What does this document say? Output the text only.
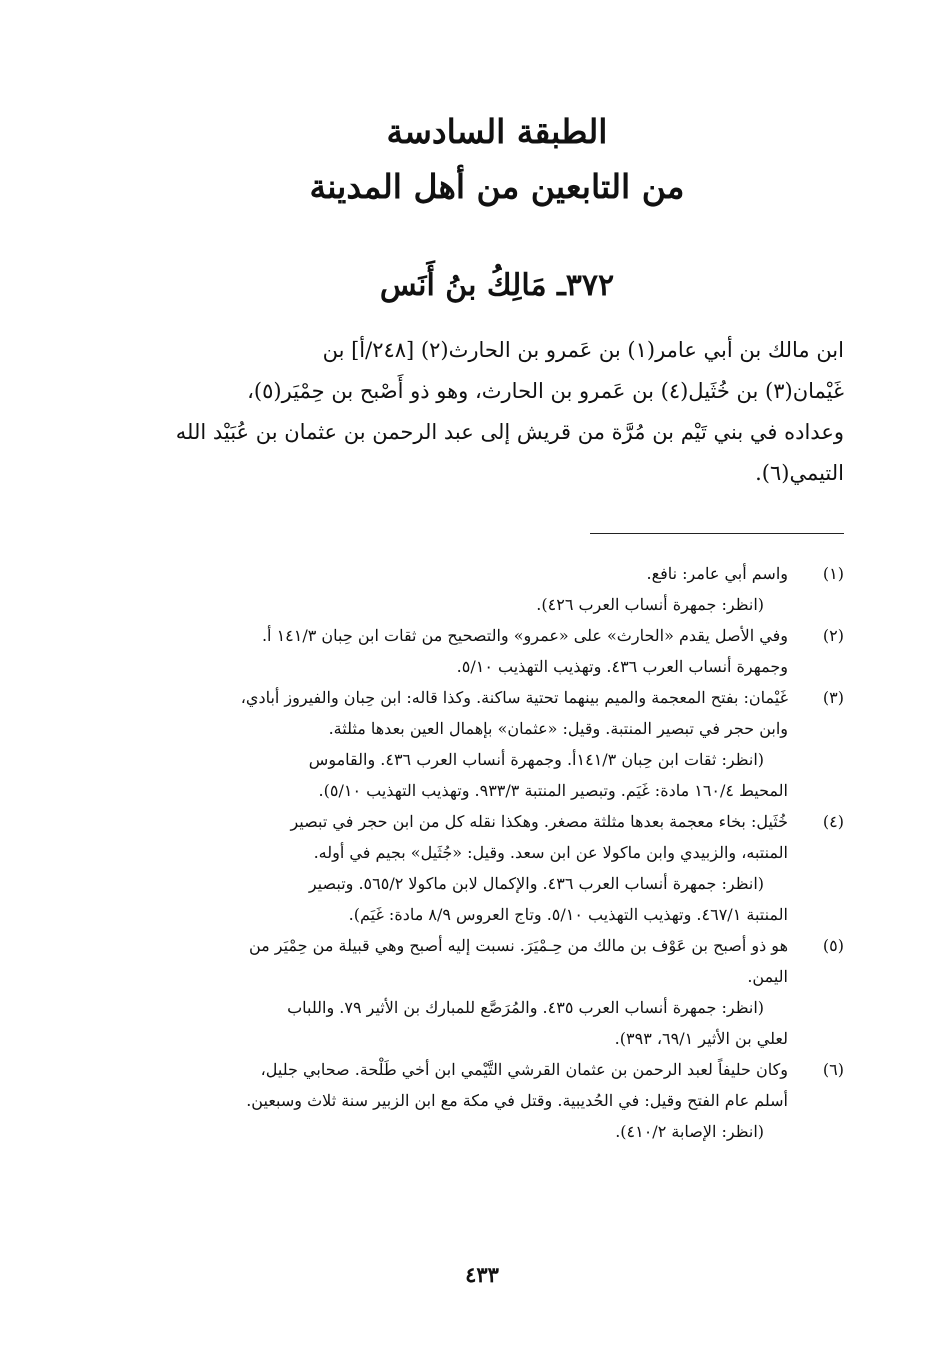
الطبقة السادسة
من التابعين من أهل المدينة
٣٧٢ـ مَالِكُ بنُ أَنَس

ابن مالك بن أبي عامر(١) بن عَمرو بن الحارث(٢) [٢٤٨/أ] بن

غَيْمان(٣) بن خُثَيل(٤) بن عَمرو بن الحارث، وهو ذو أَصْبح بن حِمْيَر(٥)،

وعداده في بني تَيْم بن مُرَّة من قريش إلى عبد الرحمن بن عثمان بن عُبَيْد الله

التيمي(٦).

(١)
واسم أبي عامر: نافع.
(انظر: جمهرة أنساب العرب ٤٢٦).
(٢)
وفي الأصل يقدم «الحارث» على «عمرو» والتصحيح من ثقات ابن حِبان ١٤١/٣ أ.
وجمهرة أنساب العرب ٤٣٦. وتهذيب التهذيب ٥/١٠.
(٣)
غَيْمان: بفتح المعجمة والميم بينهما تحتية ساكنة. وكذا قاله: ابن حِبان والفيروز أبادي،
وابن حجر في تبصير المنتبة. وقيل: «عثمان» بإهمال العين بعدها مثلثة.
(انظر: ثقات ابن حِبان ١٤١/٣أ. وجمهرة أنساب العرب ٤٣٦. والقاموس
المحيط ١٦٠/٤ مادة: غَيَم. وتبصير المنتبة ٩٣٣/٣. وتهذيب التهذيب ٥/١٠).
(٤)
خُثَيل: بخاء معجمة بعدها مثلثة مصغر. وهكذا نقله كل من ابن حجر في تبصير
المنتبه، والزبيدي وابن ماكولا عن ابن سعد. وقيل: «جُثَيل» بجيم في أوله.
(انظر: جمهرة أنساب العرب ٤٣٦. والإكمال لابن ماكولا ٥٦٥/٢. وتبصير
المنتبة ٤٦٧/١. وتهذيب التهذيب ٥/١٠. وتاج العروس ٨/٩ مادة: غَيَم).
(٥)
هو ذو أصبح بن عَوْف بن مالك من حِـمْيَرَ. نسبت إليه أصبح وهي قبيلة من حِمْيَر من
اليمن.
(انظر: جمهرة أنساب العرب ٤٣٥. والمُرَصَّع للمبارك بن الأثير ٧٩. واللباب
لعلي بن الأثير ٦٩/١، ٣٩٣).
(٦)
وكان حليفاً لعبد الرحمن بن عثمان القرشي التَّيْمي ابن أخي طَلْحة. صحابي جليل،
أسلم عام الفتح وقيل: في الحُديبية. وقتل في مكة مع ابن الزبير سنة ثلاث وسبعين.
(انظر: الإصابة ٤١٠/٢).
٤٣٣
